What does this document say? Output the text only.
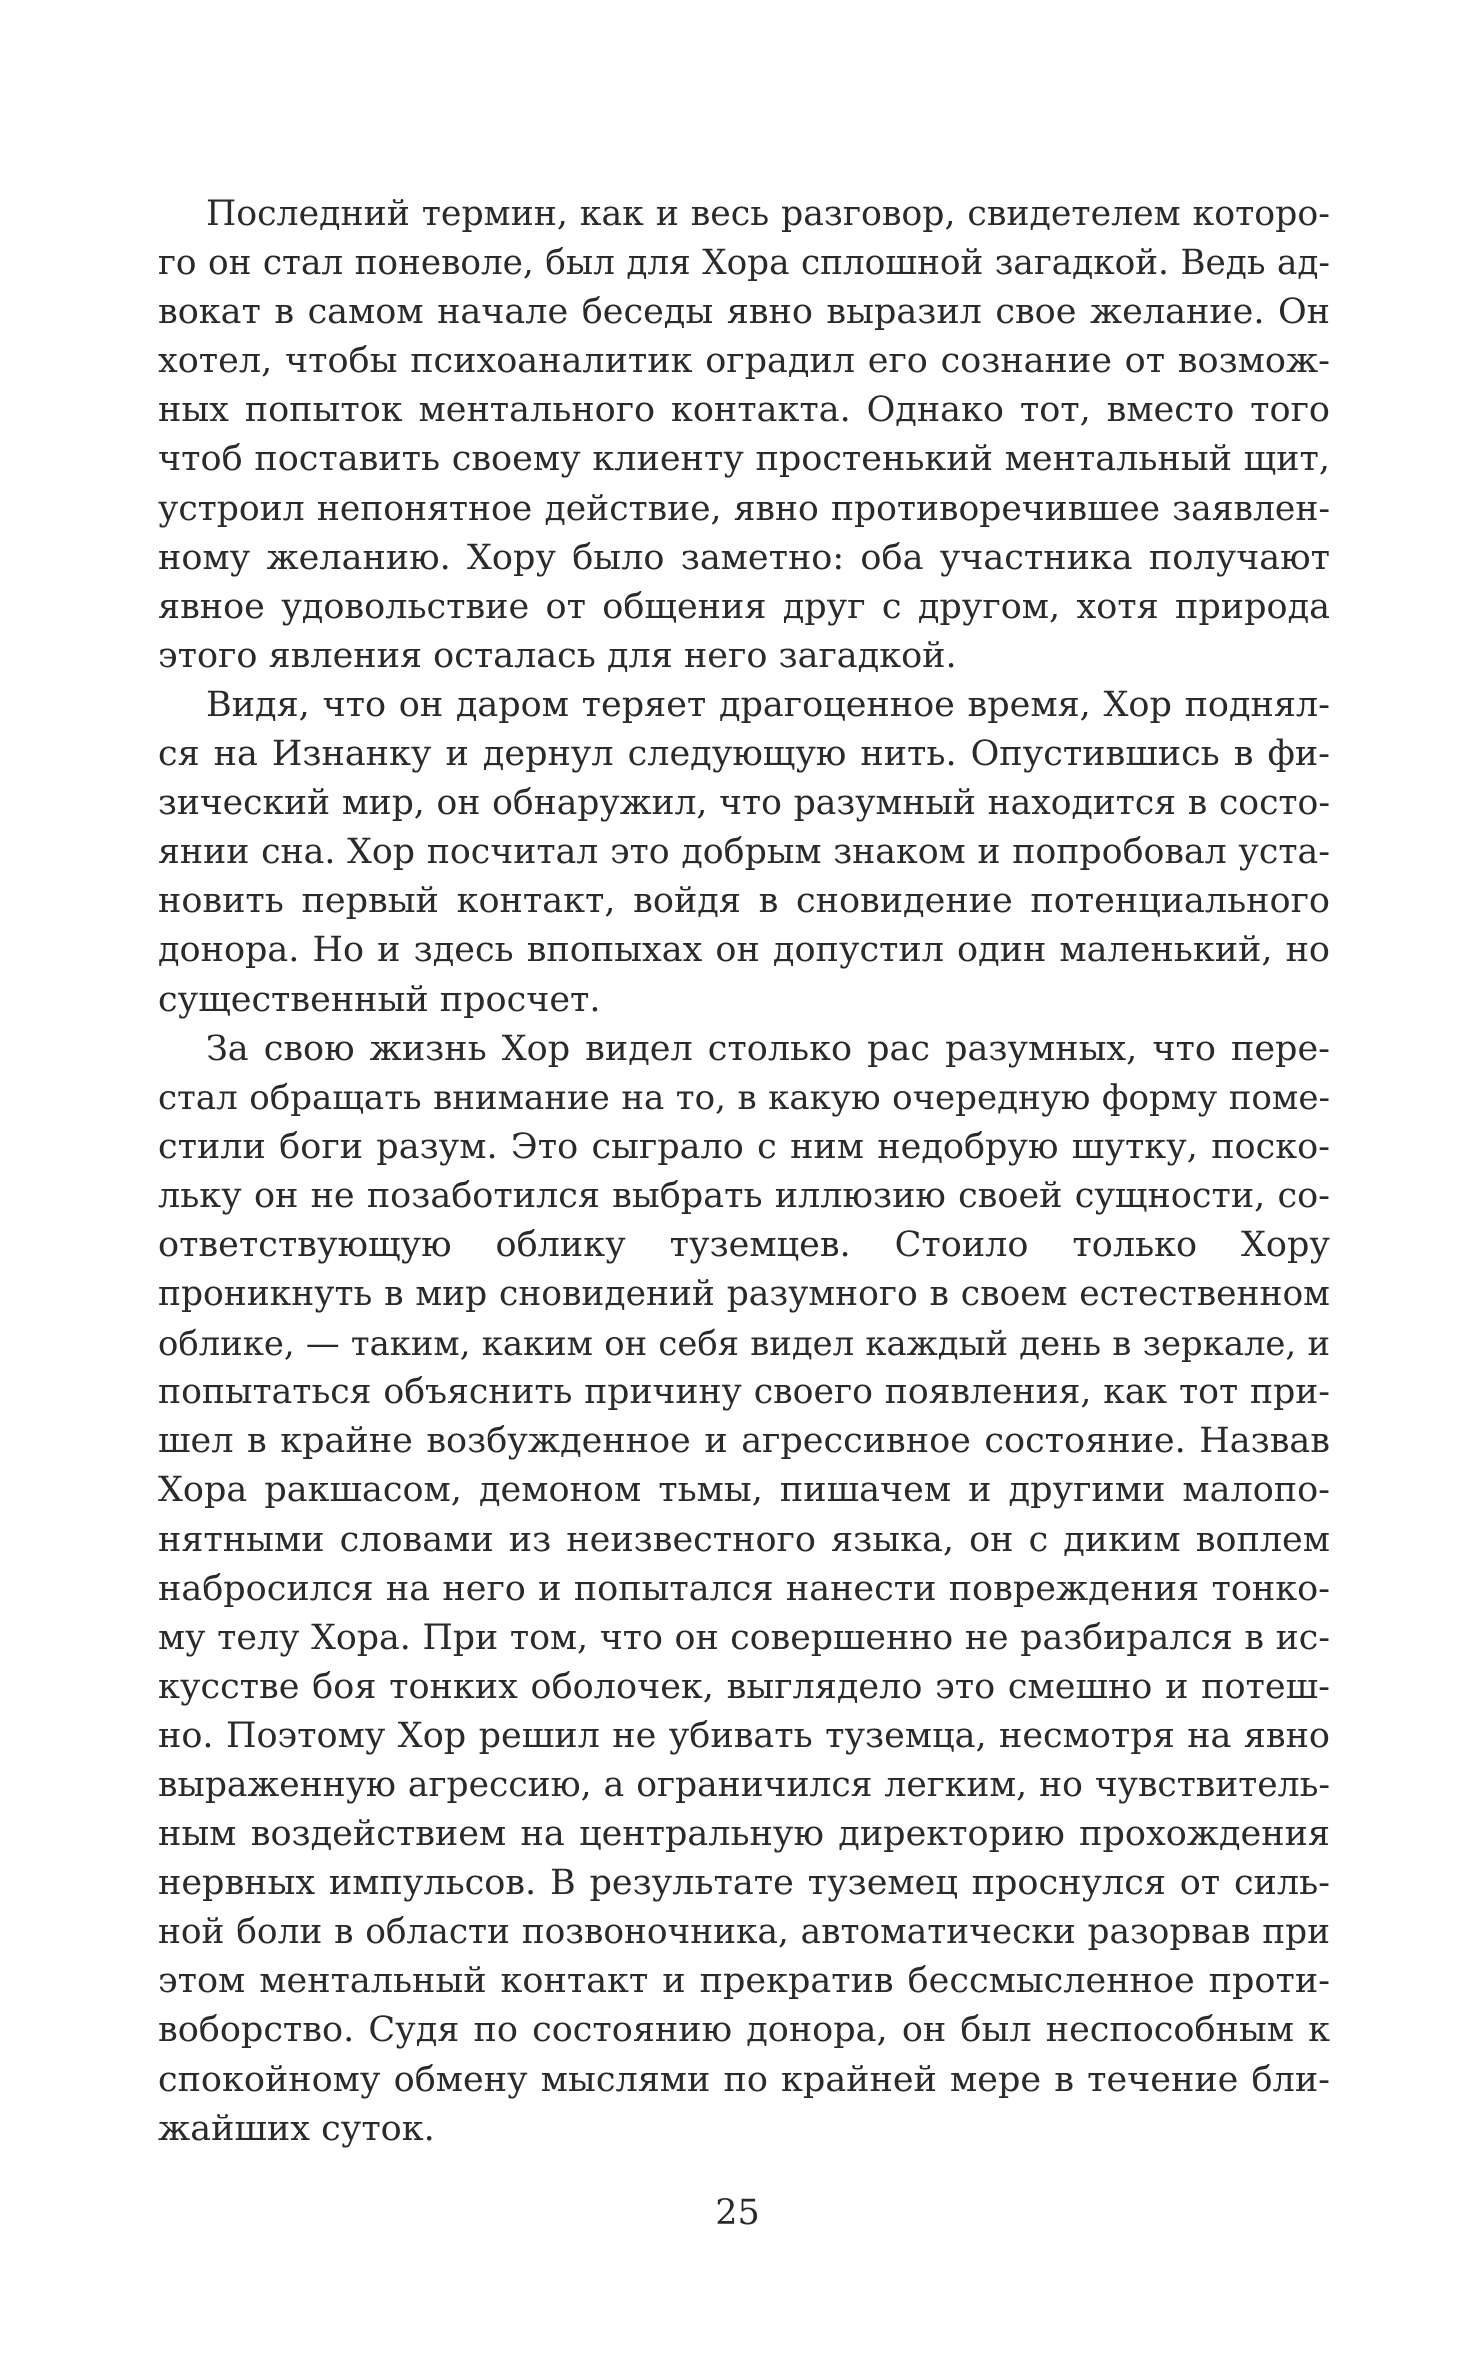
Последний термин, как и весь разговор, свидетелем которо-
го он стал поневоле, был для Хора сплошной загадкой. Ведь ад-
вокат в самом начале беседы явно выразил свое желание. Он
хотел, чтобы психоаналитик оградил его сознание от возмож-
ных попыток ментального контакта. Однако тот, вместо того
чтоб поставить своему клиенту простенький ментальный щит,
устроил непонятное действие, явно противоречившее заявлен-
ному желанию. Хору было заметно: оба участника получают
явное удовольствие от общения друг с другом, хотя природа
этого явления осталась для него загадкой.
Видя, что он даром теряет драгоценное время, Хор поднял-
ся на Изнанку и дернул следующую нить. Опустившись в фи-
зический мир, он обнаружил, что разумный находится в состо-
янии сна. Хор посчитал это добрым знаком и попробовал уста-
новить первый контакт, войдя в сновидение потенциального
донора. Но и здесь впопыхах он допустил один маленький, но
существенный просчет.
За свою жизнь Хор видел столько рас разумных, что пере-
стал обращать внимание на то, в какую очередную форму поме-
стили боги разум. Это сыграло с ним недобрую шутку, поско-
льку он не позаботился выбрать иллюзию своей сущности, со-
ответствующую облику туземцев. Стоило только Хору
проникнуть в мир сновидений разумного в своем естественном
облике, — таким, каким он себя видел каждый день в зеркале, и
попытаться объяснить причину своего появления, как тот при-
шел в крайне возбужденное и агрессивное состояние. Назвав
Хора ракшасом, демоном тьмы, пишачем и другими малопо-
нятными словами из неизвестного языка, он с диким воплем
набросился на него и попытался нанести повреждения тонко-
му телу Хора. При том, что он совершенно не разбирался в ис-
кусстве боя тонких оболочек, выглядело это смешно и потеш-
но. Поэтому Хор решил не убивать туземца, несмотря на явно
выраженную агрессию, а ограничился легким, но чувствитель-
ным воздействием на центральную директорию прохождения
нервных импульсов. В результате туземец проснулся от силь-
ной боли в области позвоночника, автоматически разорвав при
этом ментальный контакт и прекратив бессмысленное проти-
воборство. Судя по состоянию донора, он был неспособным к
спокойному обмену мыслями по крайней мере в течение бли-
жайших суток.
25
